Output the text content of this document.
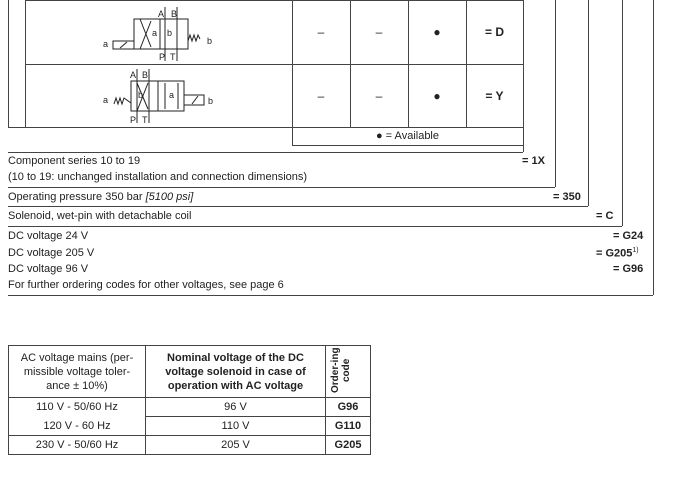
a	b
A B
P T
a b
a	b
A B
P T
b	a
–	–	●	= D
–	–	●	= Y
● = Available
Component series 10 to 19	= 1X
(10 to 19: unchanged installation and connection dimensions)
Operating pressure 350 bar [5100 psi]	= 350
Solenoid, wet-pin with detachable coil	= C
DC voltage 24 V	= G24
DC voltage 205 V	= $G205^{1)}$
DC voltage 96 V	= G96
For further ordering codes for other voltages, see page 6
AC voltage mains (per-missible voltage toler-ance ± 10%)	Nominal voltage of the DC voltage solenoid in case of operation with AC voltage	Order-ing code
110 V - 50/60 Hz	96 V	G96
120 V - 60 Hz	110 V	G110
230 V - 50/60 Hz	205 V	G205
